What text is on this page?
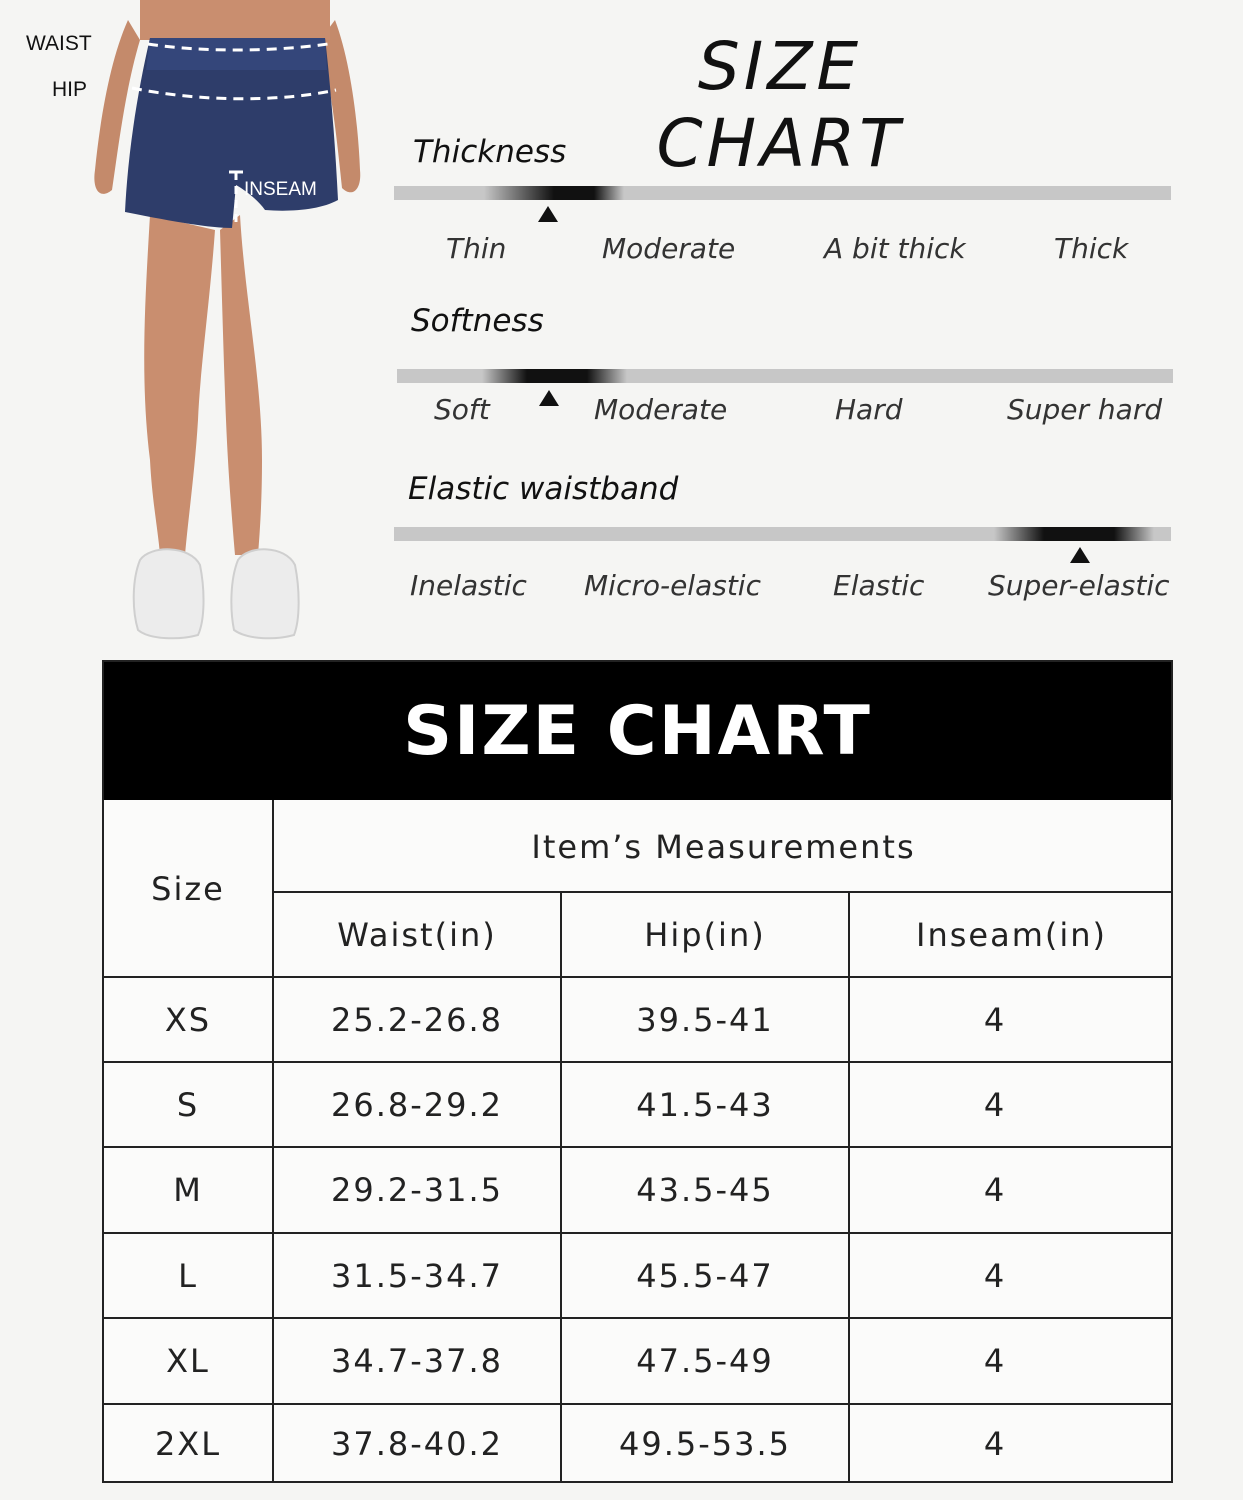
WAIST
HIP
INSEAM
SIZE CHART
Thickness
Thin	Moderate	A bit thick	Thick
Softness
Soft	Moderate	Hard	Super hard
Elastic waistband
Inelastic Micro-elastic	Elastic Super-elastic
SIZE CHART
Size
Item’s Measurements
Waist(in)	Hip(in)	Inseam(in)
XS	25.2-26.8	39.5-41	4
S	26.8-29.2	41.5-43	4
M	29.2-31.5	43.5-45	4
L	31.5-34.7	45.5-47	4
XL	34.7-37.8	47.5-49	4
2XL	37.8-40.2	49.5-53.5	4
